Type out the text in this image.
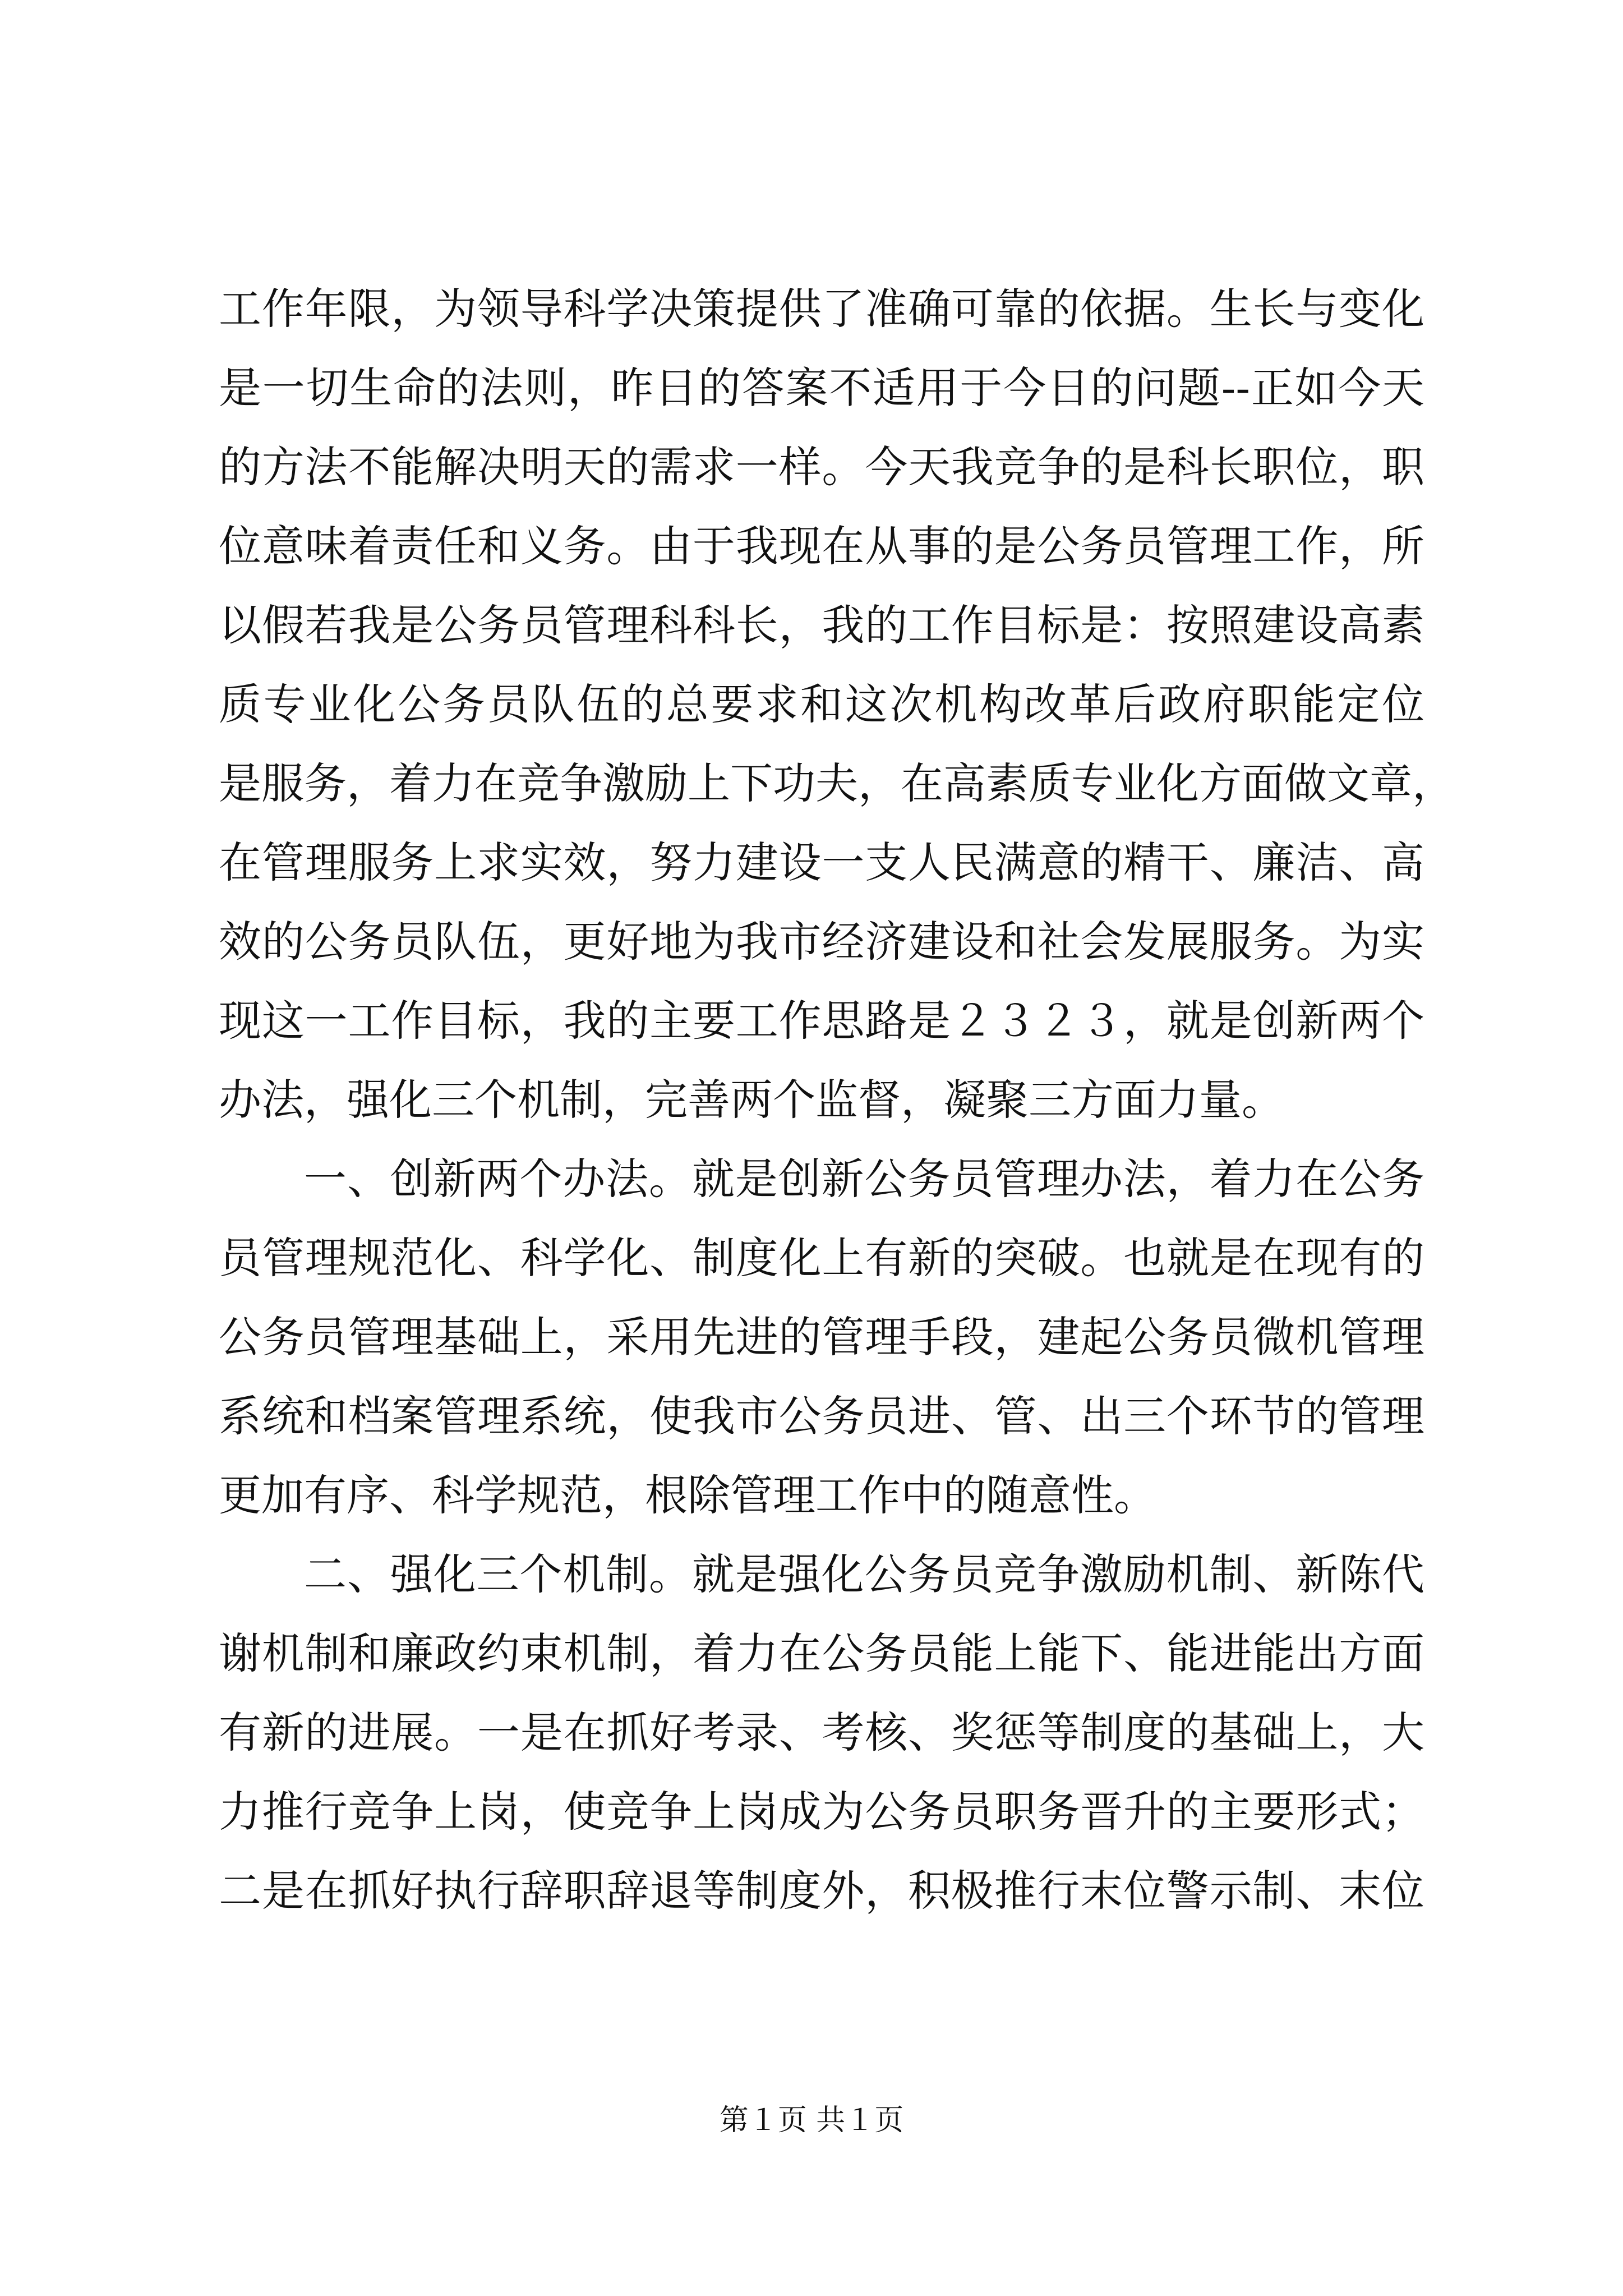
工作年限，为领导科学决策提供了准确可靠的依据。生长与变化
是一切生命的法则，昨日的答案不适用于今日的问题--正如今天
的方法不能解决明天的需求一样。今天我竞争的是科长职位，职
位意味着责任和义务。由于我现在从事的是公务员管理工作，所
以假若我是公务员管理科科长，我的工作目标是：按照建设高素
质专业化公务员队伍的总要求和这次机构改革后政府职能定位
是服务，着力在竞争激励上下功夫，在高素质专业化方面做文章，
在管理服务上求实效，努力建设一支人民满意的精干、廉洁、高
效的公务员队伍，更好地为我市经济建设和社会发展服务。为实
现这一工作目标，我的主要工作思路是２３２３，就是创新两个
办法，强化三个机制，完善两个监督，凝聚三方面力量。
一、创新两个办法。就是创新公务员管理办法，着力在公务
员管理规范化、科学化、制度化上有新的突破。也就是在现有的
公务员管理基础上，采用先进的管理手段，建起公务员微机管理
系统和档案管理系统，使我市公务员进、管、出三个环节的管理
更加有序、科学规范，根除管理工作中的随意性。
二、强化三个机制。就是强化公务员竞争激励机制、新陈代
谢机制和廉政约束机制，着力在公务员能上能下、能进能出方面
有新的进展。一是在抓好考录、考核、奖惩等制度的基础上，大
力推行竞争上岗，使竞争上岗成为公务员职务晋升的主要形式；
二是在抓好执行辞职辞退等制度外，积极推行末位警示制、末位
第１页 共１页
